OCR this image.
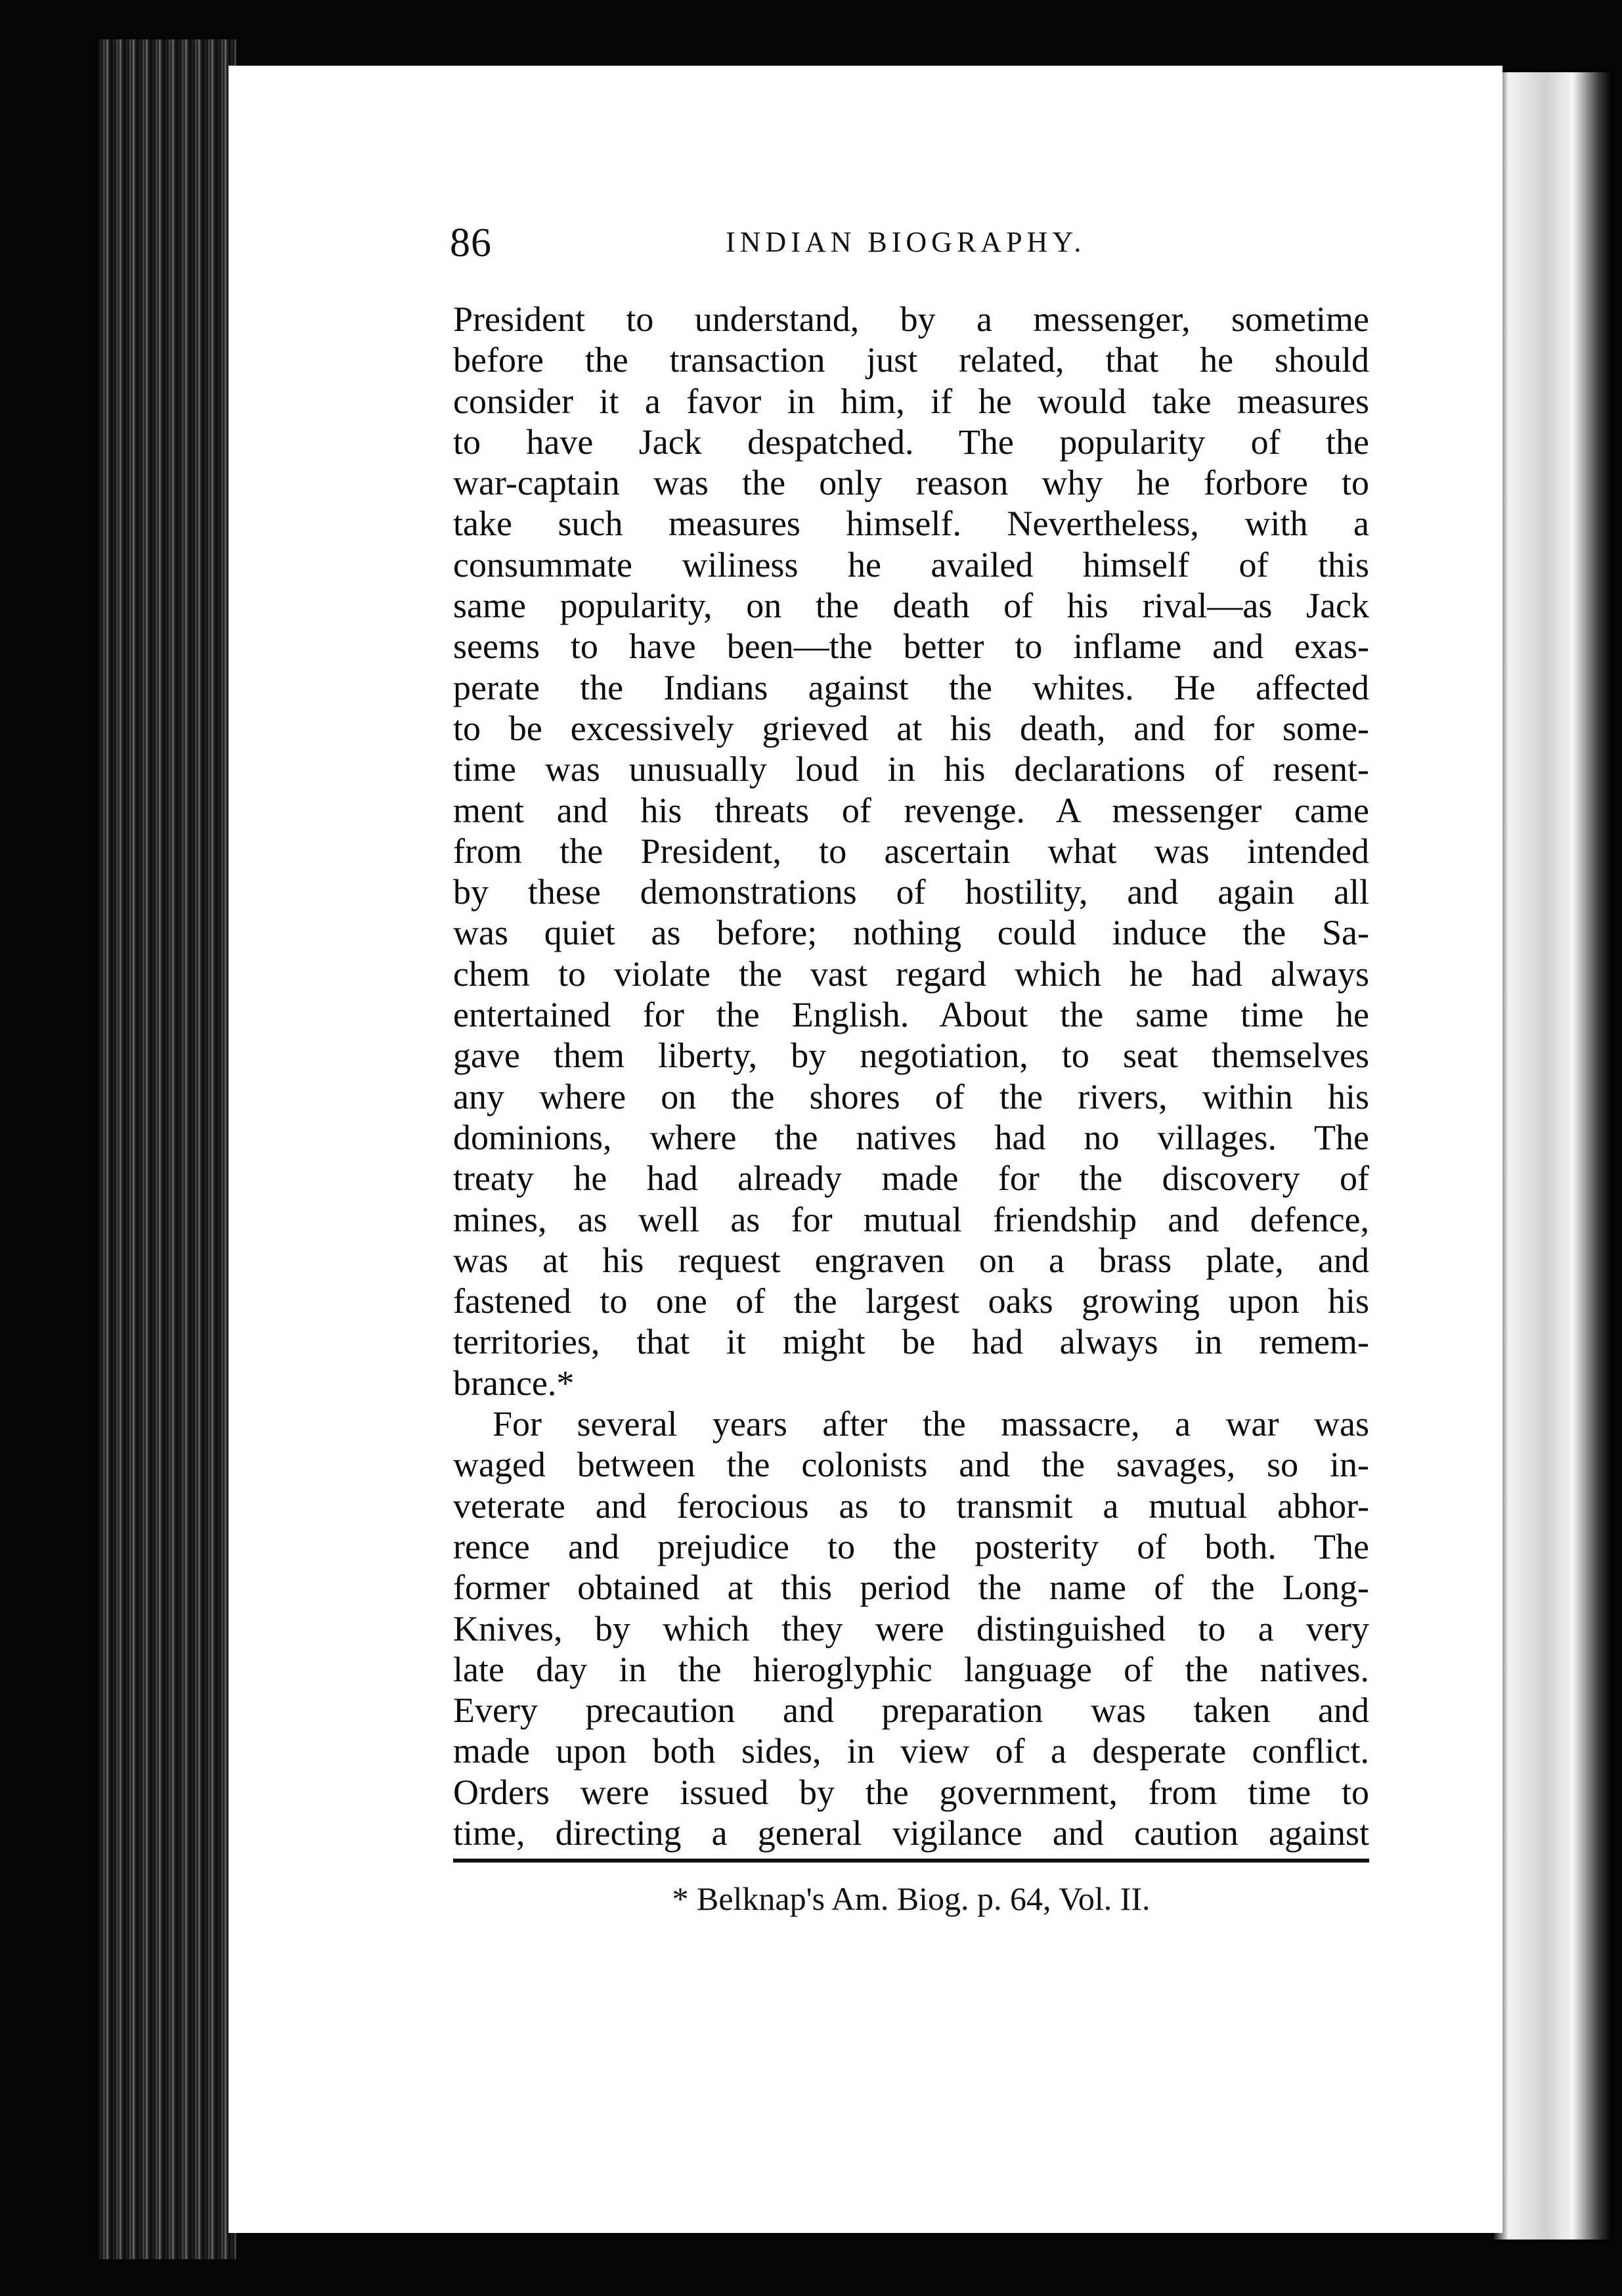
86	INDIAN BIOGRAPHY.
President to understand, by a messenger, sometime
before the transaction just related, that he should
consider it a favor in him, if he would take measures
to have Jack despatched. The popularity of the
war-captain was the only reason why he forbore to
take such measures himself. Nevertheless, with a
consummate wiliness he availed himself of this
same popularity, on the death of his rival—as Jack
seems to have been—the better to inflame and exas-
perate the Indians against the whites. He affected
to be excessively grieved at his death, and for some-
time was unusually loud in his declarations of resent-
ment and his threats of revenge. A messenger came
from the President, to ascertain what was intended
by these demonstrations of hostility, and again all
was quiet as before; nothing could induce the Sa-
chem to violate the vast regard which he had always
entertained for the English. About the same time he
gave them liberty, by negotiation, to seat themselves
any where on the shores of the rivers, within his
dominions, where the natives had no villages. The
treaty he had already made for the discovery of
mines, as well as for mutual friendship and defence,
was at his request engraven on a brass plate, and
fastened to one of the largest oaks growing upon his
territories, that it might be had always in remem-
brance.*
For several years after the massacre, a war was
waged between the colonists and the savages, so in-
veterate and ferocious as to transmit a mutual abhor-
rence and prejudice to the posterity of both. The
former obtained at this period the name of the Long-
Knives, by which they were distinguished to a very
late day in the hieroglyphic language of the natives.
Every precaution and preparation was taken and
made upon both sides, in view of a desperate conflict.
Orders were issued by the government, from time to
time, directing a general vigilance and caution against
* Belknap's Am. Biog. p. 64, Vol. II.
